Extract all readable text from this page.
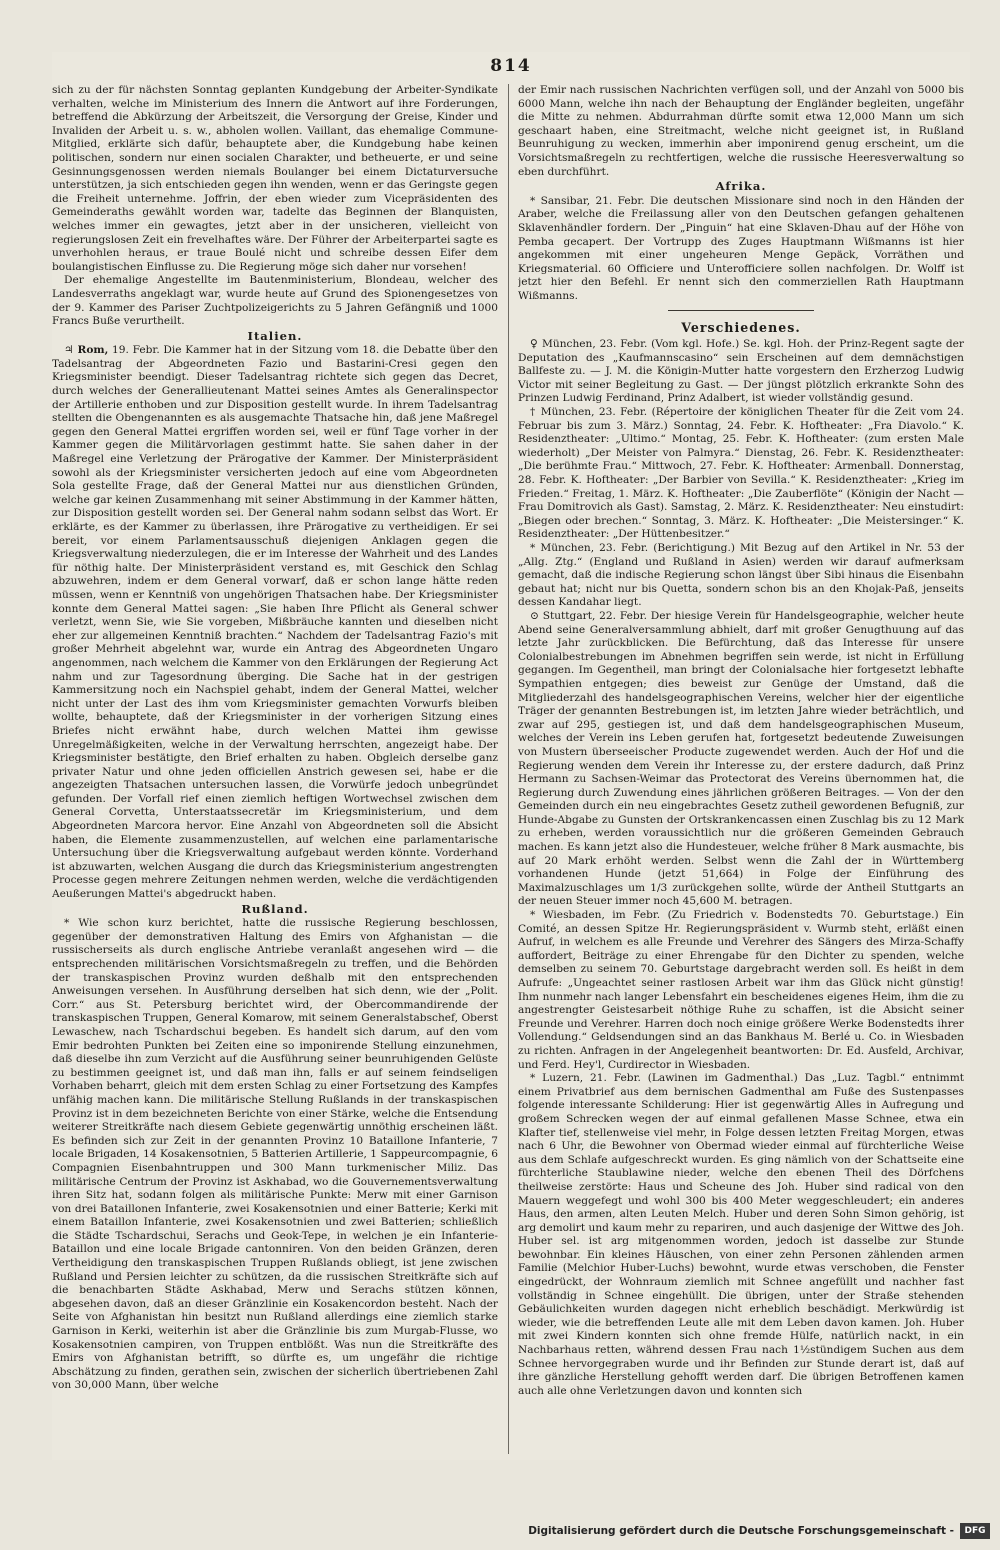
814

sich zu der für nächsten Sonntag geplanten Kundgebung der Arbeiter-Syndikate verhalten, welche im Ministerium des Innern die Antwort auf ihre Forderungen, betreffend die Abkürzung der Arbeitszeit, die Versorgung der Greise, Kinder und Invaliden der Arbeit u. s. w., abholen wollen. Vaillant, das ehemalige Commune-Mitglied, erklärte sich dafür, behauptete aber, die Kundgebung habe keinen politischen, sondern nur einen socialen Charakter, und betheuerte, er und seine Gesinnungsgenossen werden niemals Boulanger bei einem Dictaturversuche unterstützen, ja sich entschieden gegen ihn wenden, wenn er das Geringste gegen die Freiheit unternehme. Joffrin, der eben wieder zum Vicepräsidenten des Gemeinderaths gewählt worden war, tadelte das Beginnen der Blanquisten, welches immer ein gewagtes, jetzt aber in der unsicheren, vielleicht von regierungslosen Zeit ein frevelhaftes wäre. Der Führer der Arbeiterpartei sagte es unverhohlen heraus, er traue Boulé nicht und schreibe dessen Eifer dem boulangistischen Einflusse zu. Die Regierung möge sich daher nur vorsehen!

Der ehemalige Angestellte im Bautenministerium, Blondeau, welcher des Landesverraths angeklagt war, wurde heute auf Grund des Spionengesetzes von der 9. Kammer des Pariser Zuchtpolizeigerichts zu 5 Jahren Gefängniß und 1000 Francs Buße verurtheilt.

Italien.

♃ Rom, 19. Febr. Die Kammer hat in der Sitzung vom 18. die Debatte über den Tadelsantrag der Abgeordneten Fazio und Bastarini-Cresi gegen den Kriegsminister beendigt. Dieser Tadelsantrag richtete sich gegen das Decret, durch welches der Generallieutenant Mattei seines Amtes als Generalinspector der Artillerie enthoben und zur Disposition gestellt wurde. In ihrem Tadelsantrag stellten die Obengenannten es als ausgemachte Thatsache hin, daß jene Maßregel gegen den General Mattei ergriffen worden sei, weil er fünf Tage vorher in der Kammer gegen die Militärvorlagen gestimmt hatte. Sie sahen daher in der Maßregel eine Verletzung der Prärogative der Kammer. Der Ministerpräsident sowohl als der Kriegsminister versicherten jedoch auf eine vom Abgeordneten Sola gestellte Frage, daß der General Mattei nur aus dienstlichen Gründen, welche gar keinen Zusammenhang mit seiner Abstimmung in der Kammer hätten, zur Disposition gestellt worden sei. Der General nahm sodann selbst das Wort. Er erklärte, es der Kammer zu überlassen, ihre Prärogative zu vertheidigen. Er sei bereit, vor einem Parlamentsausschuß diejenigen Anklagen gegen die Kriegsverwaltung niederzulegen, die er im Interesse der Wahrheit und des Landes für nöthig halte. Der Ministerpräsident verstand es, mit Geschick den Schlag abzuwehren, indem er dem General vorwarf, daß er schon lange hätte reden müssen, wenn er Kenntniß von ungehörigen Thatsachen habe. Der Kriegsminister konnte dem General Mattei sagen: „Sie haben Ihre Pflicht als General schwer verletzt, wenn Sie, wie Sie vorgeben, Mißbräuche kannten und dieselben nicht eher zur allgemeinen Kenntniß brachten.“ Nachdem der Tadelsantrag Fazio's mit großer Mehrheit abgelehnt war, wurde ein Antrag des Abgeordneten Ungaro angenommen, nach welchem die Kammer von den Erklärungen der Regierung Act nahm und zur Tagesordnung überging. Die Sache hat in der gestrigen Kammersitzung noch ein Nachspiel gehabt, indem der General Mattei, welcher nicht unter der Last des ihm vom Kriegsminister gemachten Vorwurfs bleiben wollte, behauptete, daß der Kriegsminister in der vorherigen Sitzung eines Briefes nicht erwähnt habe, durch welchen Mattei ihm gewisse Unregelmäßigkeiten, welche in der Verwaltung herrschten, angezeigt habe. Der Kriegsminister bestätigte, den Brief erhalten zu haben. Obgleich derselbe ganz privater Natur und ohne jeden officiellen Anstrich gewesen sei, habe er die angezeigten Thatsachen untersuchen lassen, die Vorwürfe jedoch unbegründet gefunden. Der Vorfall rief einen ziemlich heftigen Wortwechsel zwischen dem General Corvetta, Unterstaatssecretär im Kriegsministerium, und dem Abgeordneten Marcora hervor. Eine Anzahl von Abgeordneten soll die Absicht haben, die Elemente zusammenzustellen, auf welchen eine parlamentarische Untersuchung über die Kriegsverwaltung aufgebaut werden könnte. Vorderhand ist abzuwarten, welchen Ausgang die durch das Kriegsministerium angestrengten Processe gegen mehrere Zeitungen nehmen werden, welche die verdächtigenden Aeußerungen Mattei's abgedruckt haben.

Rußland.

* Wie schon kurz berichtet, hatte die russische Regierung beschlossen, gegenüber der demonstrativen Haltung des Emirs von Afghanistan — die russischerseits als durch englische Antriebe veranlaßt angesehen wird — die entsprechenden militärischen Vorsichtsmaßregeln zu treffen, und die Behörden der transkaspischen Provinz wurden deßhalb mit den entsprechenden Anweisungen versehen. In Ausführung derselben hat sich denn, wie der „Polit. Corr.“ aus St. Petersburg berichtet wird, der Obercommandirende der transkaspischen Truppen, General Komarow, mit seinem Generalstabschef, Oberst Lewaschew, nach Tschardschui begeben. Es handelt sich darum, auf den vom Emir bedrohten Punkten bei Zeiten eine so imponirende Stellung einzunehmen, daß dieselbe ihn zum Verzicht auf die Ausführung seiner beunruhigenden Gelüste zu bestimmen geeignet ist, und daß man ihn, falls er auf seinem feindseligen Vorhaben beharrt, gleich mit dem ersten Schlag zu einer Fortsetzung des Kampfes unfähig machen kann. Die militärische Stellung Rußlands in der transkaspischen Provinz ist in dem bezeichneten Berichte von einer Stärke, welche die Entsendung weiterer Streitkräfte nach diesem Gebiete gegenwärtig unnöthig erscheinen läßt. Es befinden sich zur Zeit in der genannten Provinz 10 Bataillone Infanterie, 7 locale Brigaden, 14 Kosakensotnien, 5 Batterien Artillerie, 1 Sappeurcompagnie, 6 Compagnien Eisenbahntruppen und 300 Mann turkmenischer Miliz. Das militärische Centrum der Provinz ist Askhabad, wo die Gouvernementsverwaltung ihren Sitz hat, sodann folgen als militärische Punkte: Merw mit einer Garnison von drei Bataillonen Infanterie, zwei Kosakensotnien und einer Batterie; Kerki mit einem Bataillon Infanterie, zwei Kosakensotnien und zwei Batterien; schließlich die Städte Tschardschui, Serachs und Geok-Tepe, in welchen je ein Infanterie-Bataillon und eine locale Brigade cantonniren. Von den beiden Gränzen, deren Vertheidigung den transkaspischen Truppen Rußlands obliegt, ist jene zwischen Rußland und Persien leichter zu schützen, da die russischen Streitkräfte sich auf die benachbarten Städte Askhabad, Merw und Serachs stützen können, abgesehen davon, daß an dieser Gränzlinie ein Kosakencordon besteht. Nach der Seite von Afghanistan hin besitzt nun Rußland allerdings eine ziemlich starke Garnison in Kerki, weiterhin ist aber die Gränzlinie bis zum Murgab-Flusse, wo Kosakensotnien campiren, von Truppen entblößt. Was nun die Streitkräfte des Emirs von Afghanistan betrifft, so dürfte es, um ungefähr die richtige Abschätzung zu finden, gerathen sein, zwischen der sicherlich übertriebenen Zahl von 30,000 Mann, über welche

der Emir nach russischen Nachrichten verfügen soll, und der Anzahl von 5000 bis 6000 Mann, welche ihn nach der Behauptung der Engländer begleiten, ungefähr die Mitte zu nehmen. Abdurrahman dürfte somit etwa 12,000 Mann um sich geschaart haben, eine Streitmacht, welche nicht geeignet ist, in Rußland Beunruhigung zu wecken, immerhin aber imponirend genug erscheint, um die Vorsichtsmaßregeln zu rechtfertigen, welche die russische Heeresverwaltung so eben durchführt.

Afrika.

* Sansibar, 21. Febr. Die deutschen Missionare sind noch in den Händen der Araber, welche die Freilassung aller von den Deutschen gefangen gehaltenen Sklavenhändler fordern. Der „Pinguin“ hat eine Sklaven-Dhau auf der Höhe von Pemba gecapert. Der Vortrupp des Zuges Hauptmann Wißmanns ist hier angekommen mit einer ungeheuren Menge Gepäck, Vorräthen und Kriegsmaterial. 60 Officiere und Unterofficiere sollen nachfolgen. Dr. Wolff ist jetzt hier den Befehl. Er nennt sich den commerziellen Rath Hauptmann Wißmanns.

Verschiedenes.

♀ München, 23. Febr. (Vom kgl. Hofe.) Se. kgl. Hoh. der Prinz-Regent sagte der Deputation des „Kaufmannscasino“ sein Erscheinen auf dem demnächstigen Ballfeste zu. — J. M. die Königin-Mutter hatte vorgestern den Erzherzog Ludwig Victor mit seiner Begleitung zu Gast. — Der jüngst plötzlich erkrankte Sohn des Prinzen Ludwig Ferdinand, Prinz Adalbert, ist wieder vollständig gesund.

† München, 23. Febr. (Répertoire der königlichen Theater für die Zeit vom 24. Februar bis zum 3. März.) Sonntag, 24. Febr. K. Hoftheater: „Fra Diavolo.“ K. Residenztheater: „Ultimo.“ Montag, 25. Febr. K. Hoftheater: (zum ersten Male wiederholt) „Der Meister von Palmyra.“ Dienstag, 26. Febr. K. Residenztheater: „Die berühmte Frau.“ Mittwoch, 27. Febr. K. Hoftheater: Armenball. Donnerstag, 28. Febr. K. Hoftheater: „Der Barbier von Sevilla.“ K. Residenztheater: „Krieg im Frieden.“ Freitag, 1. März. K. Hoftheater: „Die Zauberflöte“ (Königin der Nacht — Frau Domitrovich als Gast). Samstag, 2. März. K. Residenztheater: Neu einstudirt: „Biegen oder brechen.“ Sonntag, 3. März. K. Hoftheater: „Die Meistersinger.“ K. Residenztheater: „Der Hüttenbesitzer.“

* München, 23. Febr. (Berichtigung.) Mit Bezug auf den Artikel in Nr. 53 der „Allg. Ztg.“ (England und Rußland in Asien) werden wir darauf aufmerksam gemacht, daß die indische Regierung schon längst über Sibi hinaus die Eisenbahn gebaut hat; nicht nur bis Quetta, sondern schon bis an den Khojak-Paß, jenseits dessen Kandahar liegt.

⊙ Stuttgart, 22. Febr. Der hiesige Verein für Handelsgeographie, welcher heute Abend seine Generalversammlung abhielt, darf mit großer Genugthuung auf das letzte Jahr zurückblicken. Die Befürchtung, daß das Interesse für unsere Colonialbestrebungen im Abnehmen begriffen sein werde, ist nicht in Erfüllung gegangen. Im Gegentheil, man bringt der Colonialsache hier fortgesetzt lebhafte Sympathien entgegen; dies beweist zur Genüge der Umstand, daß die Mitgliederzahl des handelsgeographischen Vereins, welcher hier der eigentliche Träger der genannten Bestrebungen ist, im letzten Jahre wieder beträchtlich, und zwar auf 295, gestiegen ist, und daß dem handelsgeographischen Museum, welches der Verein ins Leben gerufen hat, fortgesetzt bedeutende Zuweisungen von Mustern überseeischer Producte zugewendet werden. Auch der Hof und die Regierung wenden dem Verein ihr Interesse zu, der erstere dadurch, daß Prinz Hermann zu Sachsen-Weimar das Protectorat des Vereins übernommen hat, die Regierung durch Zuwendung eines jährlichen größeren Beitrages. — Von der den Gemeinden durch ein neu eingebrachtes Gesetz zutheil gewordenen Befugniß, zur Hunde-Abgabe zu Gunsten der Ortskrankencassen einen Zuschlag bis zu 12 Mark zu erheben, werden voraussichtlich nur die größeren Gemeinden Gebrauch machen. Es kann jetzt also die Hundesteuer, welche früher 8 Mark ausmachte, bis auf 20 Mark erhöht werden. Selbst wenn die Zahl der in Württemberg vorhandenen Hunde (jetzt 51,664) in Folge der Einführung des Maximalzuschlages um 1/3 zurückgehen sollte, würde der Antheil Stuttgarts an der neuen Steuer immer noch 45,600 M. betragen.

* Wiesbaden, im Febr. (Zu Friedrich v. Bodenstedts 70. Geburtstage.) Ein Comité, an dessen Spitze Hr. Regierungspräsident v. Wurmb steht, erläßt einen Aufruf, in welchem es alle Freunde und Verehrer des Sängers des Mirza-Schaffy auffordert, Beiträge zu einer Ehrengabe für den Dichter zu spenden, welche demselben zu seinem 70. Geburtstage dargebracht werden soll. Es heißt in dem Aufrufe: „Ungeachtet seiner rastlosen Arbeit war ihm das Glück nicht günstig! Ihm nunmehr nach langer Lebensfahrt ein bescheidenes eigenes Heim, ihm die zu angestrengter Geistesarbeit nöthige Ruhe zu schaffen, ist die Absicht seiner Freunde und Verehrer. Harren doch noch einige größere Werke Bodenstedts ihrer Vollendung.“ Geldsendungen sind an das Bankhaus M. Berlé u. Co. in Wiesbaden zu richten. Anfragen in der Angelegenheit beantworten: Dr. Ed. Ausfeld, Archivar, und Ferd. Hey'l, Curdirector in Wiesbaden.

* Luzern, 21. Febr. (Lawinen im Gadmenthal.) Das „Luz. Tagbl.“ entnimmt einem Privatbrief aus dem bernischen Gadmenthal am Fuße des Sustenpasses folgende interessante Schilderung: Hier ist gegenwärtig Alles in Aufregung und großem Schrecken wegen der auf einmal gefallenen Masse Schnee, etwa ein Klafter tief, stellenweise viel mehr, in Folge dessen letzten Freitag Morgen, etwas nach 6 Uhr, die Bewohner von Obermad wieder einmal auf fürchterliche Weise aus dem Schlafe aufgeschreckt wurden. Es ging nämlich von der Schattseite eine fürchterliche Staublawine nieder, welche den ebenen Theil des Dörfchens theilweise zerstörte: Haus und Scheune des Joh. Huber sind radical von den Mauern weggefegt und wohl 300 bis 400 Meter weggeschleudert; ein anderes Haus, den armen, alten Leuten Melch. Huber und deren Sohn Simon gehörig, ist arg demolirt und kaum mehr zu repariren, und auch dasjenige der Wittwe des Joh. Huber sel. ist arg mitgenommen worden, jedoch ist dasselbe zur Stunde bewohnbar. Ein kleines Häuschen, von einer zehn Personen zählenden armen Familie (Melchior Huber-Luchs) bewohnt, wurde etwas verschoben, die Fenster eingedrückt, der Wohnraum ziemlich mit Schnee angefüllt und nachher fast vollständig in Schnee eingehüllt. Die übrigen, unter der Straße stehenden Gebäulichkeiten wurden dagegen nicht erheblich beschädigt. Merkwürdig ist wieder, wie die betreffenden Leute alle mit dem Leben davon kamen. Joh. Huber mit zwei Kindern konnten sich ohne fremde Hülfe, natürlich nackt, in ein Nachbarhaus retten, während dessen Frau nach 1½stündigem Suchen aus dem Schnee hervorgegraben wurde und ihr Befinden zur Stunde derart ist, daß auf ihre gänzliche Herstellung gehofft werden darf. Die übrigen Betroffenen kamen auch alle ohne Verletzungen davon und konnten sich

Digitalisierung gefördert durch die Deutsche Forschungsgemeinschaft -	DFG
